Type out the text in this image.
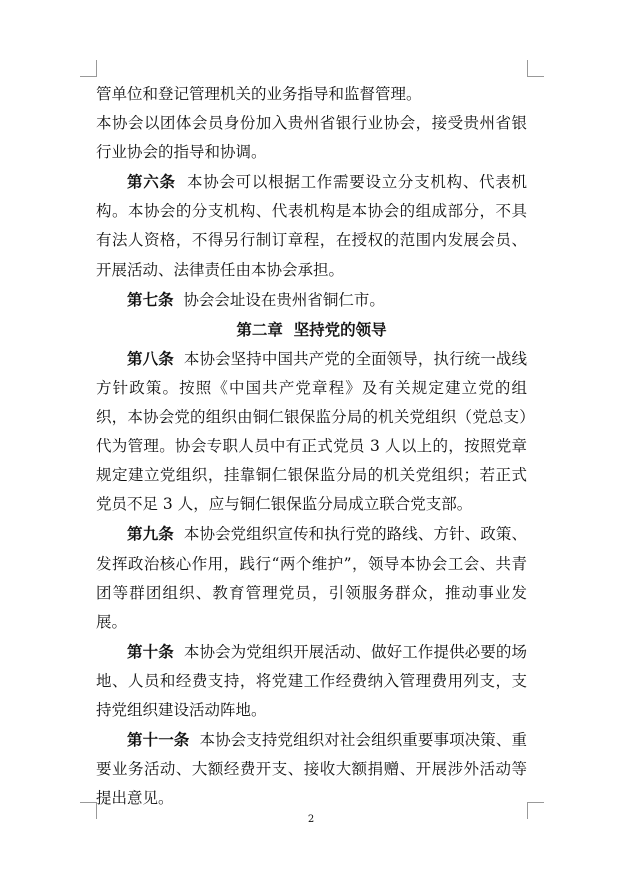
管单位和登记管理机关的业务指导和监督管理。

本协会以团体会员身份加入贵州省银行业协会，接受贵州省银行业协会的指导和协调。

第六条 本协会可以根据工作需要设立分支机构、代表机构。本协会的分支机构、代表机构是本协会的组成部分，不具有法人资格，不得另行制订章程，在授权的范围内发展会员、开展活动、法律责任由本协会承担。

第七条 协会会址设在贵州省铜仁市。

第二章  坚持党的领导

第八条 本协会坚持中国共产党的全面领导，执行统一战线方针政策。按照《中国共产党章程》及有关规定建立党的组织，本协会党的组织由铜仁银保监分局的机关党组织（党总支）代为管理。协会专职人员中有正式党员 3 人以上的，按照党章规定建立党组织，挂靠铜仁银保监分局的机关党组织；若正式党员不足 3 人，应与铜仁银保监分局成立联合党支部。

第九条 本协会党组织宣传和执行党的路线、方针、政策、发挥政治核心作用，践行“两个维护”，领导本协会工会、共青团等群团组织、教育管理党员，引领服务群众，推动事业发展。

第十条 本协会为党组织开展活动、做好工作提供必要的场地、人员和经费支持，将党建工作经费纳入管理费用列支，支持党组织建设活动阵地。

第十一条 本协会支持党组织对社会组织重要事项决策、重要业务活动、大额经费开支、接收大额捐赠、开展涉外活动等提出意见。

2
